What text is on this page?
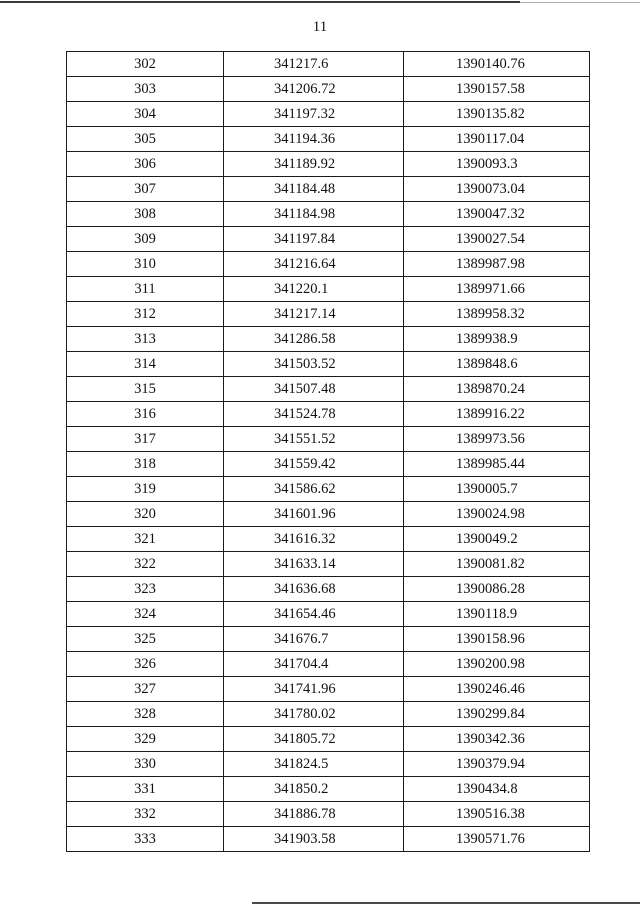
11
302	341217.6	1390140.76
303	341206.72	1390157.58
304	341197.32	1390135.82
305	341194.36	1390117.04
306	341189.92	1390093.3
307	341184.48	1390073.04
308	341184.98	1390047.32
309	341197.84	1390027.54
310	341216.64	1389987.98
311	341220.1	1389971.66
312	341217.14	1389958.32
313	341286.58	1389938.9
314	341503.52	1389848.6
315	341507.48	1389870.24
316	341524.78	1389916.22
317	341551.52	1389973.56
318	341559.42	1389985.44
319	341586.62	1390005.7
320	341601.96	1390024.98
321	341616.32	1390049.2
322	341633.14	1390081.82
323	341636.68	1390086.28
324	341654.46	1390118.9
325	341676.7	1390158.96
326	341704.4	1390200.98
327	341741.96	1390246.46
328	341780.02	1390299.84
329	341805.72	1390342.36
330	341824.5	1390379.94
331	341850.2	1390434.8
332	341886.78	1390516.38
333	341903.58	1390571.76
